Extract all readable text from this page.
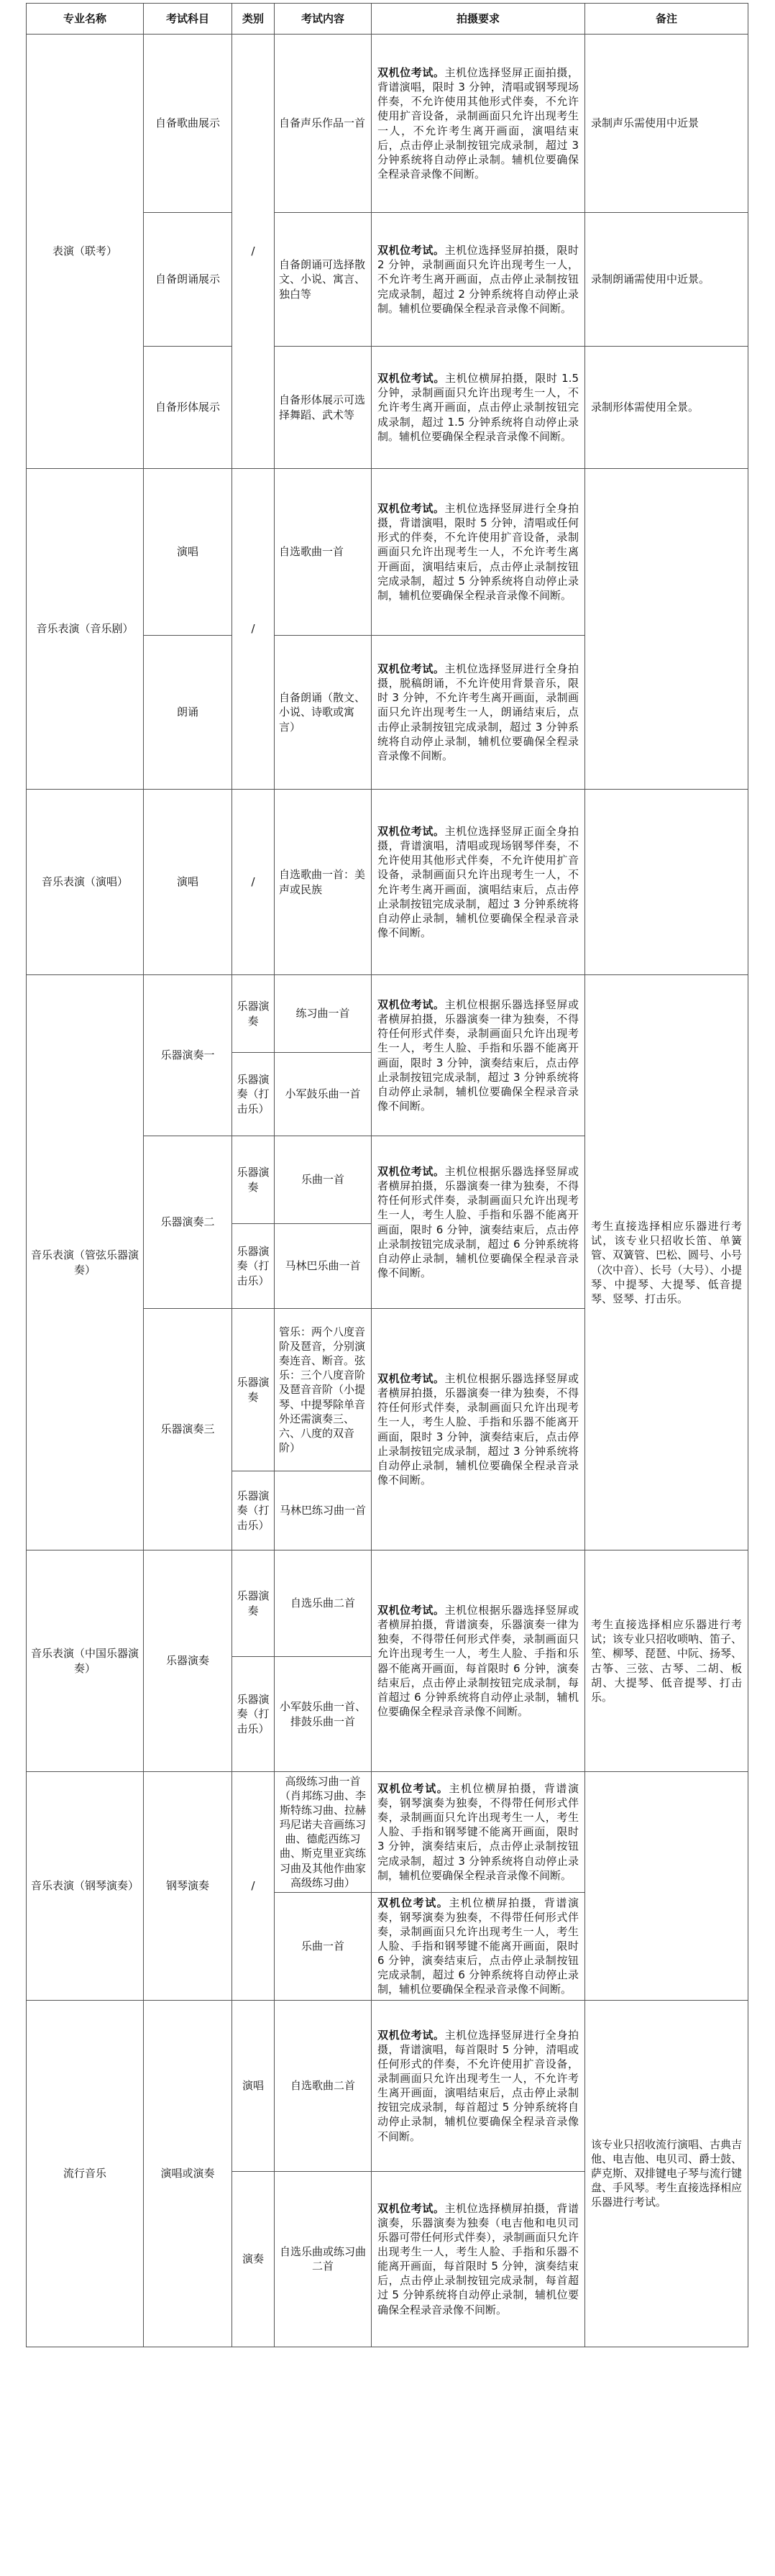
专业名称	考试科目	类别	考试内容	拍摄要求	备注
表演（联考）	自备歌曲展示	/	自备声乐作品一首	双机位考试。主机位选择竖屏正面拍摄，背谱演唱，限时 3 分钟，清唱或钢琴现场伴奏，不允许使用其他形式伴奏，不允许使用扩音设备，录制画面只允许出现考生一人，不允许考生离开画面，演唱结束后，点击停止录制按钮完成录制，超过 3 分钟系统将自动停止录制。辅机位要确保全程录音录像不间断。	录制声乐需使用中近景
	自备朗诵展示		自备朗诵可选择散文、小说、寓言、独白等	双机位考试。主机位选择竖屏拍摄，限时 2 分钟，录制画面只允许出现考生一人，不允许考生离开画面，点击停止录制按钮完成录制，超过 2 分钟系统将自动停止录制。辅机位要确保全程录音录像不间断。	录制朗诵需使用中近景。
	自备形体展示		自备形体展示可选择舞蹈、武术等	双机位考试。主机位横屏拍摄，限时 1.5 分钟，录制画面只允许出现考生一人，不允许考生离开画面，点击停止录制按钮完成录制，超过 1.5 分钟系统将自动停止录制。辅机位要确保全程录音录像不间断。	录制形体需使用全景。
音乐表演（音乐剧）	演唱	/	自选歌曲一首	双机位考试。主机位选择竖屏进行全身拍摄，背谱演唱，限时 5 分钟，清唱或任何形式的伴奏，不允许使用扩音设备，录制画面只允许出现考生一人，不允许考生离开画面，演唱结束后，点击停止录制按钮完成录制，超过 5 分钟系统将自动停止录制，辅机位要确保全程录音录像不间断。	
	朗诵		自备朗诵（散文、小说、诗歌或寓言）	双机位考试。主机位选择竖屏进行全身拍摄，脱稿朗诵，不允许使用背景音乐，限时 3 分钟，不允许考生离开画面，录制画面只允许出现考生一人，朗诵结束后，点击停止录制按钮完成录制，超过 3 分钟系统将自动停止录制，辅机位要确保全程录音录像不间断。	
音乐表演（演唱）	演唱	/	自选歌曲一首：美声或民族	双机位考试。主机位选择竖屏正面全身拍摄，背谱演唱，清唱或现场钢琴伴奏，不允许使用其他形式伴奏，不允许使用扩音设备，录制画面只允许出现考生一人，不允许考生离开画面，演唱结束后，点击停止录制按钮完成录制，超过 3 分钟系统将自动停止录制，辅机位要确保全程录音录像不间断。	
音乐表演（管弦乐器演奏）	乐器演奏一	乐器演奏	练习曲一首	双机位考试。主机位根据乐器选择竖屏或者横屏拍摄，乐器演奏一律为独奏，不得符任何形式伴奏，录制画面只允许出现考生一人，考生人脸、手指和乐器不能离开画面，限时 3 分钟，演奏结束后，点击停止录制按钮完成录制，超过 3 分钟系统将自动停止录制，辅机位要确保全程录音录像不间断。	考生直接选择相应乐器进行考试，该专业只招收长笛、单簧管、双簧管、巴松、圆号、小号（次中音）、长号（大号）、小提琴、中提琴、大提琴、低音提琴、竖琴、打击乐。
		乐器演奏（打击乐）	小军鼓乐曲一首		
	乐器演奏二	乐器演奏	乐曲一首	双机位考试。主机位根据乐器选择竖屏或者横屏拍摄，乐器演奏一律为独奏，不得符任何形式伴奏，录制画面只允许出现考生一人，考生人脸、手指和乐器不能离开画面，限时 6 分钟，演奏结束后，点击停止录制按钮完成录制，超过 6 分钟系统将自动停止录制，辅机位要确保全程录音录像不间断。	
		乐器演奏（打击乐）	马林巴乐曲一首		
	乐器演奏三	乐器演奏	管乐：两个八度音阶及琶音，分别演奏连音、断音。弦乐：三个八度音阶及琶音音阶（小提琴、中提琴除单音外还需演奏三、六、八度的双音阶）	双机位考试。主机位根据乐器选择竖屏或者横屏拍摄，乐器演奏一律为独奏，不得符任何形式伴奏，录制画面只允许出现考生一人，考生人脸、手指和乐器不能离开画面，限时 3 分钟，演奏结束后，点击停止录制按钮完成录制，超过 3 分钟系统将自动停止录制，辅机位要确保全程录音录像不间断。	
		乐器演奏（打击乐）	马林巴练习曲一首		
音乐表演（中国乐器演奏）	乐器演奏	乐器演奏	自选乐曲二首	双机位考试。主机位根据乐器选择竖屏或者横屏拍摄，背谱演奏，乐器演奏一律为独奏，不得带任何形式伴奏，录制画面只允许出现考生一人，考生人脸、手指和乐器不能离开画面，每首限时 6 分钟，演奏结束后，点击停止录制按钮完成录制，每首超过 6 分钟系统将自动停止录制，辅机位要确保全程录音录像不间断。	考生直接选择相应乐器进行考试；该专业只招收唢呐、笛子、笙、柳琴、琵琶、中阮、扬琴、古筝、三弦、古琴、二胡、板胡、大提琴、低音提琴、打击乐。
		乐器演奏（打击乐）	小军鼓乐曲一首、排鼓乐曲一首		
音乐表演（钢琴演奏）	钢琴演奏	/	高级练习曲一首（肖邦练习曲、李斯特练习曲、拉赫玛尼诺夫音画练习曲、德彪西练习曲、斯克里亚宾练习曲及其他作曲家高级练习曲）	双机位考试。主机位横屏拍摄，背谱演奏，钢琴演奏为独奏，不得带任何形式伴奏，录制画面只允许出现考生一人，考生人脸、手指和钢琴键不能离开画面，限时 3 分钟，演奏结束后，点击停止录制按钮完成录制，超过 3 分钟系统将自动停止录制，辅机位要确保全程录音录像不间断。	
			乐曲一首	双机位考试。主机位横屏拍摄，背谱演奏，钢琴演奏为独奏，不得带任何形式伴奏，录制画面只允许出现考生一人，考生人脸、手指和钢琴键不能离开画面，限时 6 分钟，演奏结束后，点击停止录制按钮完成录制，超过 6 分钟系统将自动停止录制，辅机位要确保全程录音录像不间断。	
流行音乐	演唱或演奏	演唱	自选歌曲二首	双机位考试。主机位选择竖屏进行全身拍摄，背谱演唱，每首限时 5 分钟，清唱或任何形式的伴奏，不允许使用扩音设备，录制画面只允许出现考生一人，不允许考生离开画面，演唱结束后，点击停止录制按钮完成录制，每首超过 5 分钟系统将自动停止录制，辅机位要确保全程录音录像不间断。	该专业只招收流行演唱、古典吉他、电吉他、电贝司、爵士鼓、萨克斯、双排键电子琴与流行键盘、手风琴。考生直接选择相应乐器进行考试。
		演奏	自选乐曲或练习曲二首	双机位考试。主机位选择横屏拍摄，背谱演奏，乐器演奏为独奏（电吉他和电贝司乐器可带任何形式伴奏），录制画面只允许出现考生一人，考生人脸、手指和乐器不能离开画面，每首限时 5 分钟，演奏结束后，点击停止录制按钮完成录制，每首超过 5 分钟系统将自动停止录制，辅机位要确保全程录音录像不间断。	
